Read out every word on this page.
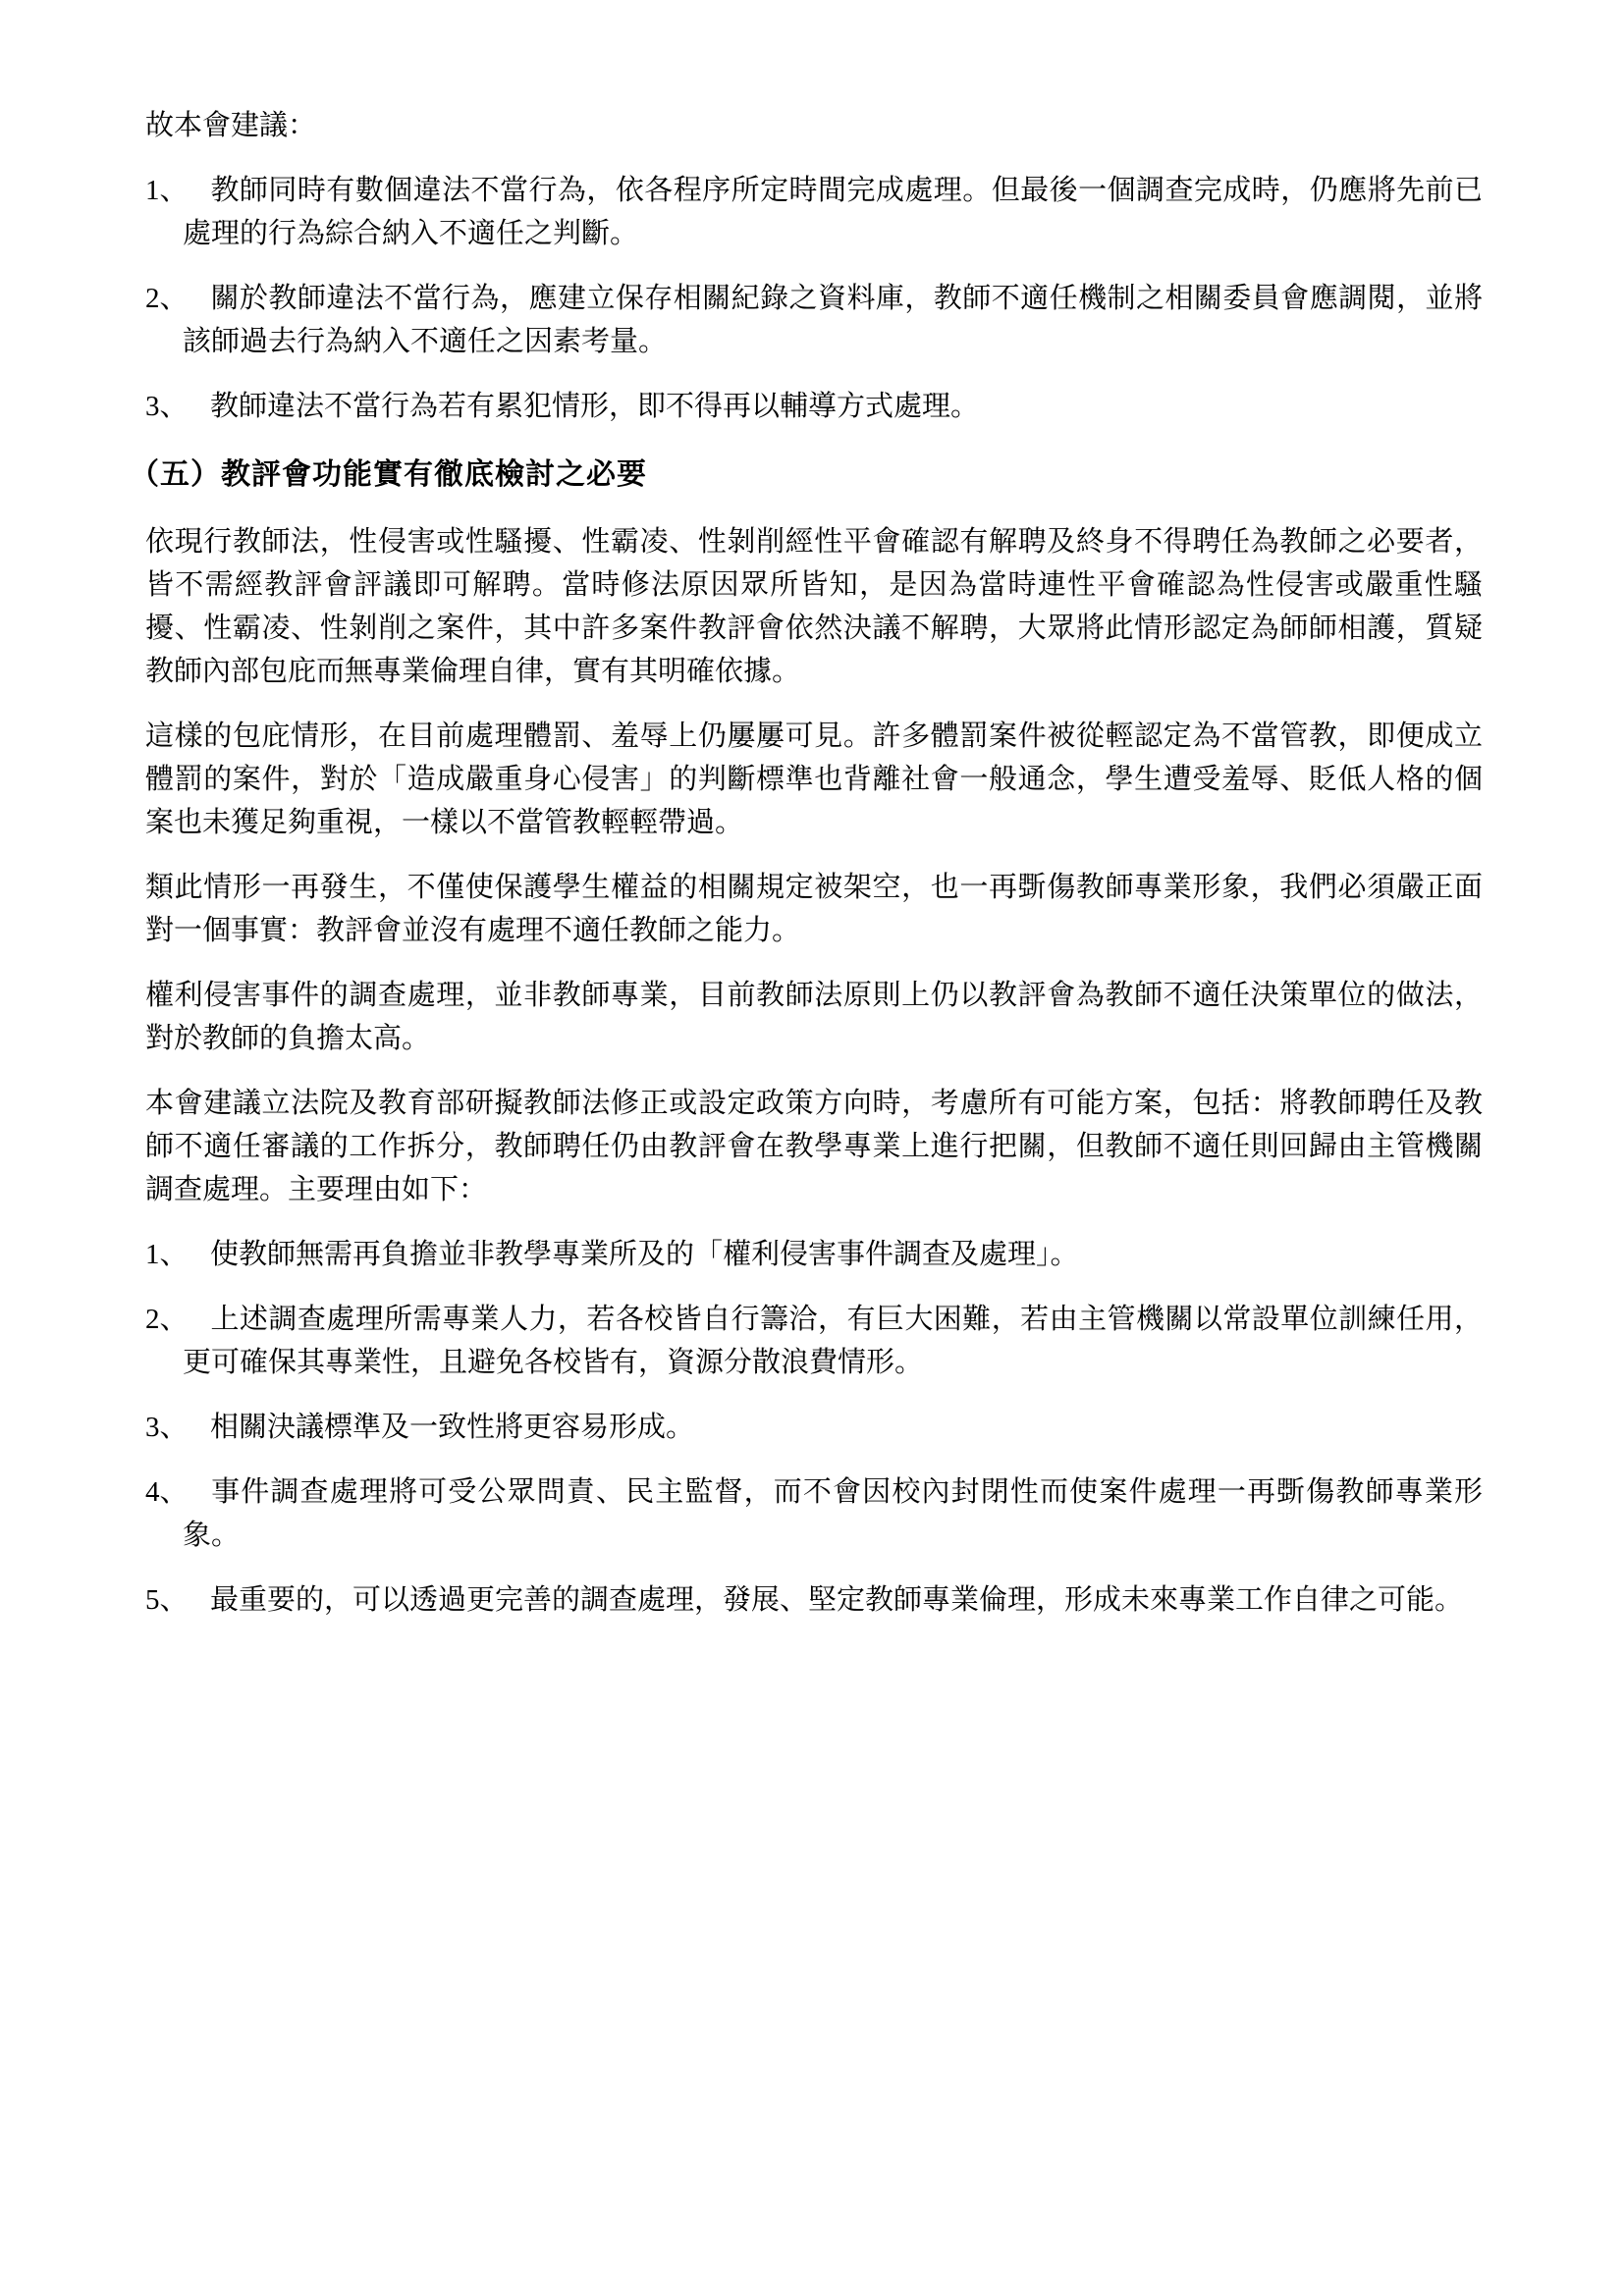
故本會建議：

1、 教師同時有數個違法不當行為，依各程序所定時間完成處理。但最後一個調查完成時，仍應將先前已處理的行為綜合納入不適任之判斷。
2、 關於教師違法不當行為，應建立保存相關紀錄之資料庫，教師不適任機制之相關委員會應調閱，並將該師過去行為納入不適任之因素考量。
3、 教師違法不當行為若有累犯情形，即不得再以輔導方式處理。
（五）教評會功能實有徹底檢討之必要

依現行教師法，性侵害或性騷擾、性霸凌、性剝削經性平會確認有解聘及終身不得聘任為教師之必要者，皆不需經教評會評議即可解聘。當時修法原因眾所皆知，是因為當時連性平會確認為性侵害或嚴重性騷擾、性霸凌、性剝削之案件，其中許多案件教評會依然決議不解聘，大眾將此情形認定為師師相護，質疑教師內部包庇而無專業倫理自律，實有其明確依據。

這樣的包庇情形，在目前處理體罰、羞辱上仍屢屢可見。許多體罰案件被從輕認定為不當管教，即便成立體罰的案件，對於「造成嚴重身心侵害」的判斷標準也背離社會一般通念，學生遭受羞辱、貶低人格的個案也未獲足夠重視，一樣以不當管教輕輕帶過。

類此情形一再發生，不僅使保護學生權益的相關規定被架空，也一再斲傷教師專業形象，我們必須嚴正面對一個事實：教評會並沒有處理不適任教師之能力。

權利侵害事件的調查處理，並非教師專業，目前教師法原則上仍以教評會為教師不適任決策單位的做法，對於教師的負擔太高。

本會建議立法院及教育部研擬教師法修正或設定政策方向時，考慮所有可能方案，包括：將教師聘任及教師不適任審議的工作拆分，教師聘任仍由教評會在教學專業上進行把關，但教師不適任則回歸由主管機關調查處理。主要理由如下：

1、 使教師無需再負擔並非教學專業所及的「權利侵害事件調查及處理」。
2、 上述調查處理所需專業人力，若各校皆自行籌洽，有巨大困難，若由主管機關以常設單位訓練任用，更可確保其專業性，且避免各校皆有，資源分散浪費情形。
3、 相關決議標準及一致性將更容易形成。
4、 事件調查處理將可受公眾問責、民主監督，而不會因校內封閉性而使案件處理一再斲傷教師專業形象。
5、 最重要的，可以透過更完善的調查處理，發展、堅定教師專業倫理，形成未來專業工作自律之可能。
